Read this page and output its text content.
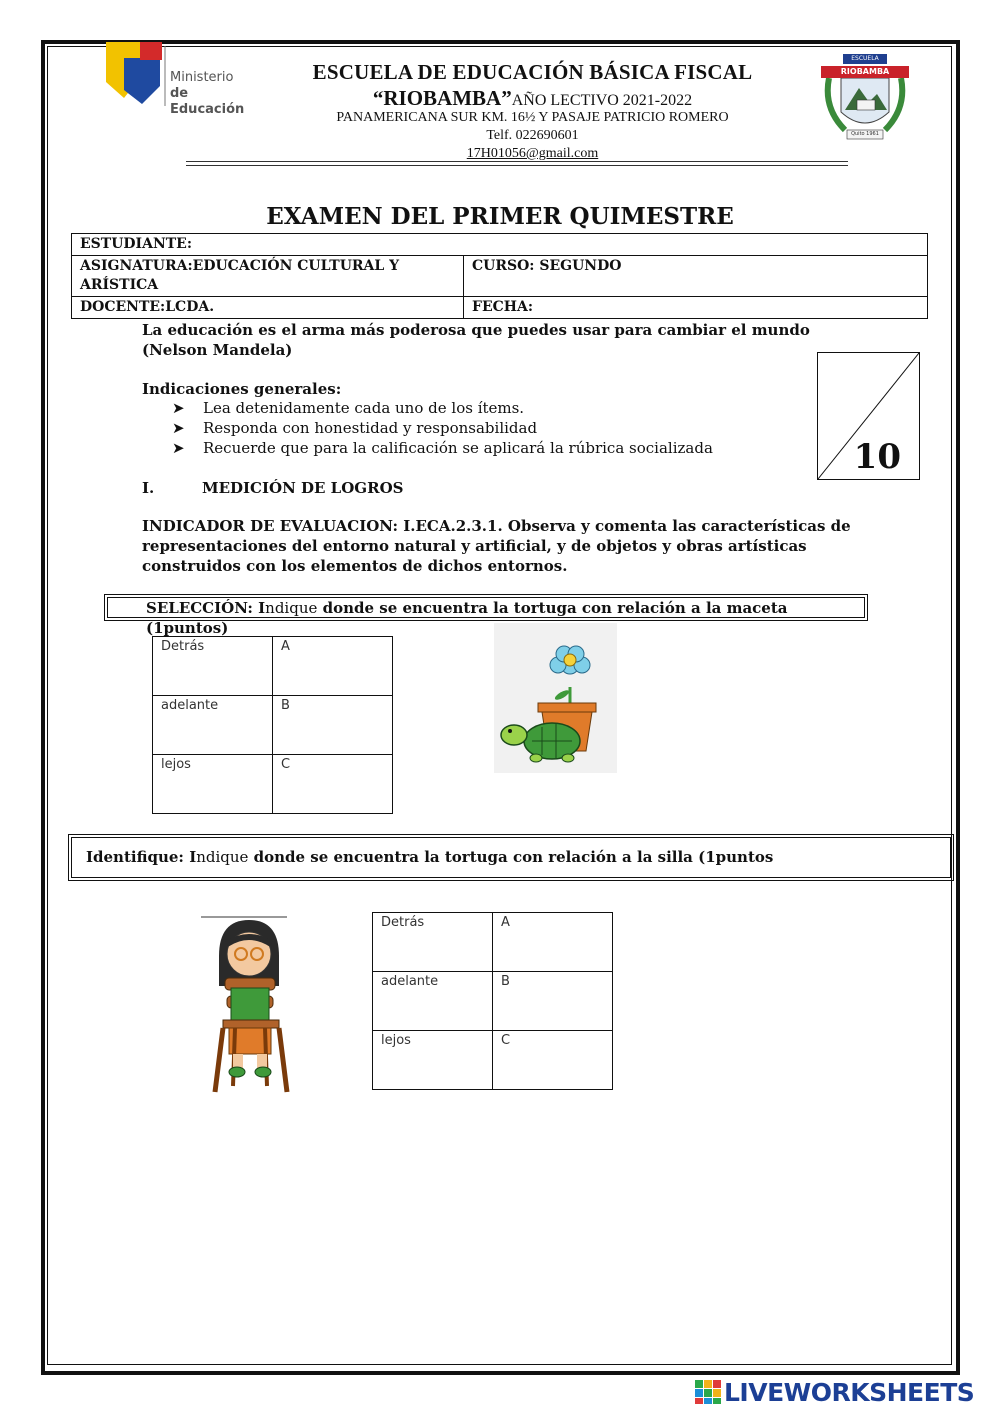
Ministerio
de Educación
ESCUELA DE EDUCACIÓN BÁSICA FISCAL
“RIOBAMBA”AÑO LECTIVO 2021-2022
PANAMERICANA SUR KM. 16½ Y PASAJE PATRICIO ROMERO
Telf. 022690601
17H01056@gmail.com
ESCUELA
RIOBAMBA
Quito 1961
EXAMEN DEL PRIMER QUIMESTRE
ESTUDIANTE:	
ASIGNATURA:EDUCACIÓN CULTURAL Y ARÍSTICA	CURSO: SEGUNDO
DOCENTE:LCDA.	FECHA:
La educación es el arma más poderosa que puedes usar para cambiar el mundo (Nelson Mandela)
Indicaciones generales:
➤ Lea detenidamente cada uno de los ítems.
➤ Responda con honestidad y responsabilidad
➤ Recuerde que para la calificación se aplicará la rúbrica socializada	10
I.	MEDICIÓN DE LOGROS
INDICADOR DE EVALUACION: I.ECA.2.3.1. Observa y comenta las características de representaciones del entorno natural y artificial, y de objetos y obras artísticas construidos con los elementos de dichos entornos.
SELECCIÓN: Indique donde se encuentra la tortuga con relación a la maceta (1puntos)
Detrás	A
adelante	B
lejos	C
Identifique: Indique donde se encuentra la tortuga con relación a la silla (1puntos
Detrás	A
adelante	B
lejos	C
LIVEWORKSHEETS
